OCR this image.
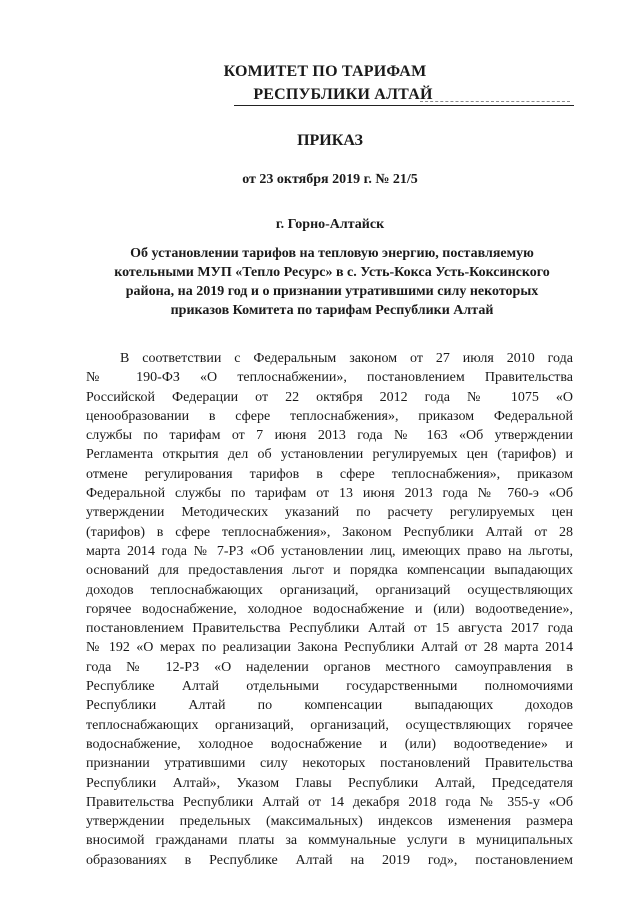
КОМИТЕТ ПО ТАРИФАМ
РЕСПУБЛИКИ АЛТАЙ
ПРИКАЗ
от 23 октября 2019 г. № 21/5
г. Горно-Алтайск
Об установлении тарифов на тепловую энергию, поставляемую
котельными МУП «Тепло Ресурс» в с. Усть-Кокса Усть-Коксинского
района, на 2019 год и о признании утратившими силу некоторых
приказов Комитета по тарифам Республики Алтай
В соответствии с Федеральным законом от 27 июля 2010 года
№ 190-ФЗ «О теплоснабжении», постановлением Правительства
Российской Федерации от 22 октября 2012 года № 1075 «О
ценообразовании в сфере теплоснабжения», приказом Федеральной
службы по тарифам от 7 июня 2013 года № 163 «Об утверждении
Регламента открытия дел об установлении регулируемых цен (тарифов) и
отмене регулирования тарифов в сфере теплоснабжения», приказом
Федеральной службы по тарифам от 13 июня 2013 года № 760-э «Об
утверждении Методических указаний по расчету регулируемых цен
(тарифов) в сфере теплоснабжения», Законом Республики Алтай от 28
марта 2014 года № 7-РЗ «Об установлении лиц, имеющих право на льготы,
оснований для предоставления льгот и порядка компенсации выпадающих
доходов теплоснабжающих организаций, организаций осуществляющих
горячее водоснабжение, холодное водоснабжение и (или) водоотведение»,
постановлением Правительства Республики Алтай от 15 августа 2017 года
№ 192 «О мерах по реализации Закона Республики Алтай от 28 марта 2014
года № 12-РЗ «О наделении органов местного самоуправления в
Республике Алтай отдельными государственными полномочиями
Республики Алтай по компенсации выпадающих доходов
теплоснабжающих организаций, организаций, осуществляющих горячее
водоснабжение, холодное водоснабжение и (или) водоотведение» и
признании утратившими силу некоторых постановлений Правительства
Республики Алтай», Указом Главы Республики Алтай, Председателя
Правительства Республики Алтай от 14 декабря 2018 года № 355-у «Об
утверждении предельных (максимальных) индексов изменения размера
вносимой гражданами платы за коммунальные услуги в муниципальных
образованиях в Республике Алтай на 2019 год», постановлением
